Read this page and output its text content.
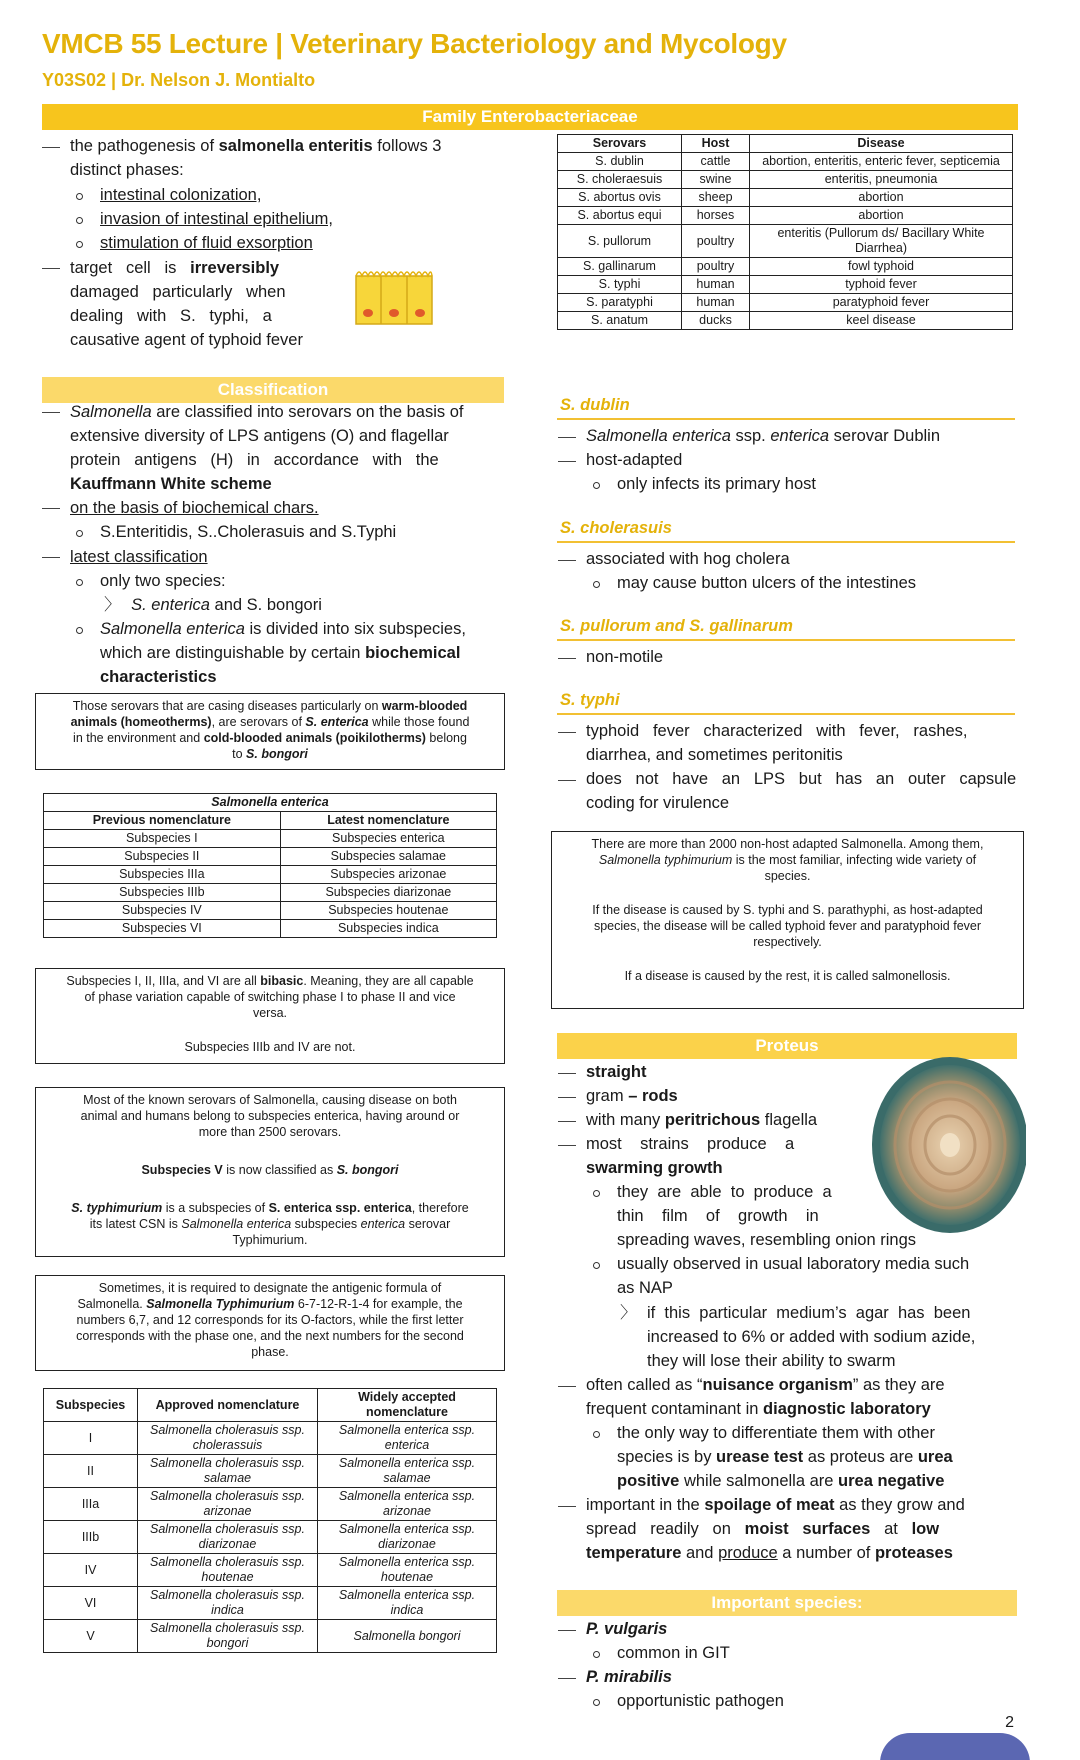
VMCB 55 Lecture | Veterinary Bacteriology and Mycology
Y03S02 | Dr. Nelson J. Montialto
Family Enterobacteriaceae
the pathogenesis of salmonella enteritis follows 3
distinct phases:
intestinal colonization,
invasion of intestinal epithelium,
stimulation of fluid exsorption
target   cell   is   irreversibly
damaged   particularly   when
dealing   with   S.   typhi,   a
causative agent of typhoid fever
Classification
Salmonella are classified into serovars on the basis of
extensive diversity of LPS antigens (O) and flagellar
protein   antigens   (H)   in   accordance   with   the
Kauffmann White scheme
on the basis of biochemical chars.
S.Enteritidis, S..Cholerasuis and S.Typhi
latest classification
only two species:
〉 S. enterica and S. bongori
Salmonella enterica is divided into six subspecies,
which are distinguishable by certain biochemical
characteristics
Those serovars that are casing diseases particularly on warm-blooded
animals (homeotherms), are serovars of S. enterica while those found
in the environment and cold-blooded animals (poikilotherms) belong
to S. bongori
Salmonella enterica	
Previous nomenclature	Latest nomenclature
Subspecies I	Subspecies enterica
Subspecies II	Subspecies salamae
Subspecies IIIa	Subspecies arizonae
Subspecies IIIb	Subspecies diarizonae
Subspecies IV	Subspecies houtenae
Subspecies VI	Subspecies indica
Subspecies I, II, IIIa, and VI are all bibasic. Meaning, they are all capable
of phase variation capable of switching phase I to phase II and vice
versa.
Subspecies IIIb and IV are not.
Most of the known serovars of Salmonella, causing disease on both
animal and humans belong to subspecies enterica, having around or
more than 2500 serovars.
Subspecies V is now classified as S. bongori
S. typhimurium is a subspecies of S. enterica ssp. enterica, therefore
its latest CSN is Salmonella enterica subspecies enterica serovar
Typhimurium.
Sometimes, it is required to designate the antigenic formula of
Salmonella. Salmonella Typhimurium 6-7-12-R-1-4 for example, the
numbers 6,7, and 12 corresponds for its O-factors, while the first letter
corresponds with the phase one, and the next numbers for the second
phase.
Subspecies	Approved nomenclature	Widely accepted nomenclature
I	Salmonella cholerasuis ssp. cholerassuis	Salmonella enterica ssp. enterica
II	Salmonella cholerasuis ssp. salamae	Salmonella enterica ssp. salamae
IIIa	Salmonella cholerasuis ssp. arizonae	Salmonella enterica ssp. arizonae
IIIb	Salmonella cholerasuis ssp. diarizonae	Salmonella enterica ssp. diarizonae
IV	Salmonella cholerasuis ssp. houtenae	Salmonella enterica ssp. houtenae
VI	Salmonella cholerasuis ssp. indica	Salmonella enterica ssp. indica
V	Salmonella cholerasuis ssp. bongori	Salmonella bongori
Serovars	Host	Disease
S. dublin	cattle	abortion, enteritis, enteric fever, septicemia
S. choleraesuis	swine	enteritis, pneumonia
S. abortus ovis	sheep	abortion
S. abortus equi	horses	abortion
S. pullorum	poultry	enteritis (Pullorum ds/ Bacillary White Diarrhea)
S. gallinarum	poultry	fowl typhoid
S. typhi	human	typhoid fever
S. paratyphi	human	paratyphoid fever
S. anatum	ducks	keel disease
S. dublin
Salmonella enterica ssp. enterica serovar Dublin
host-adapted
only infects its primary host
S. cholerasuis
associated with hog cholera
may cause button ulcers of the intestines
S. pullorum and S. gallinarum
non-motile
S. typhi
typhoid   fever   characterized   with   fever,   rashes,
diarrhea, and sometimes peritonitis
does   not   have   an   LPS   but   has   an   outer   capsule
coding for virulence
There are more than 2000 non-host adapted Salmonella. Among them,
Salmonella typhimurium is the most familiar, infecting wide variety of
species.
If the disease is caused by S. typhi and S. parathyphi, as host-adapted
species, the disease will be called typhoid fever and paratyphoid fever
respectively.
If a disease is caused by the rest, it is called salmonellosis.
Proteus
straight
gram – rods
with many peritrichous flagella
most    strains    produce    a
swarming growth
they  are  able  to  produce  a
thin    film    of    growth    in
spreading waves, resembling onion rings
usually observed in usual laboratory media such
as NAP
〉 if  this  particular  medium’s  agar  has  been
increased to 6% or added with sodium azide,
they will lose their ability to swarm
often called as “nuisance organism” as they are
frequent contaminant in diagnostic laboratory
the only way to differentiate them with other
species is by urease test as proteus are urea
positive while salmonella are urea negative
important in the spoilage of meat as they grow and
spread   readily   on   moist   surfaces   at   low
temperature and produce a number of proteases
Important species:
P. vulgaris
common in GIT
P. mirabilis
opportunistic pathogen
2
